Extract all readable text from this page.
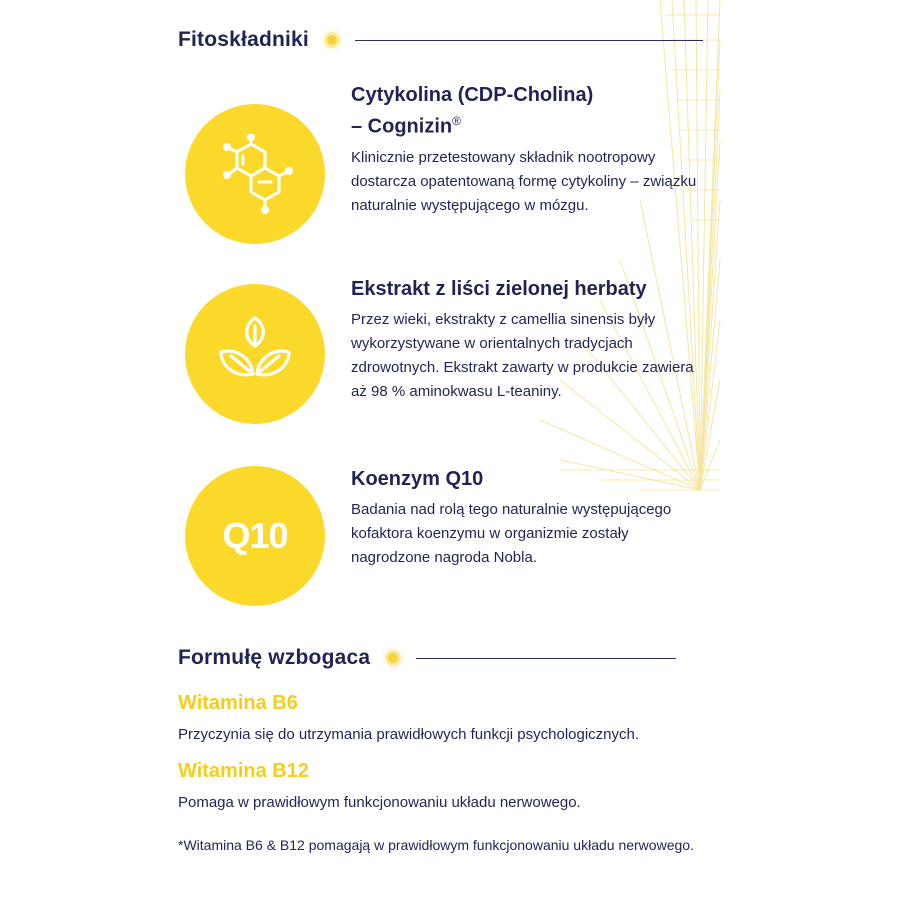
Fitoskładniki
Cytykolina (CDP-Cholina)
– Cognizin®
Klinicznie przetestowany składnik nootropowy dostarcza opatentowaną formę cytykoliny – związku naturalnie występującego w mózgu.
Ekstrakt z liści zielonej herbaty
Przez wieki, ekstrakty z camellia sinensis były wykorzystywane w orientalnych tradycjach zdrowotnych. Ekstrakt zawarty w produkcie zawiera aż 98 % aminokwasu L-teaniny.
Q10
Koenzym Q10
Badania nad rolą tego naturalnie występującego kofaktora koenzymu w organizmie zostały nagrodzone nagroda Nobla.
Formułę wzbogaca
Witamina B6
Przyczynia się do utrzymania prawidłowych funkcji psychologicznych.
Witamina B12
Pomaga w prawidłowym funkcjonowaniu układu nerwowego.
*Witamina B6 & B12 pomagają w prawidłowym funkcjonowaniu układu nerwowego.
